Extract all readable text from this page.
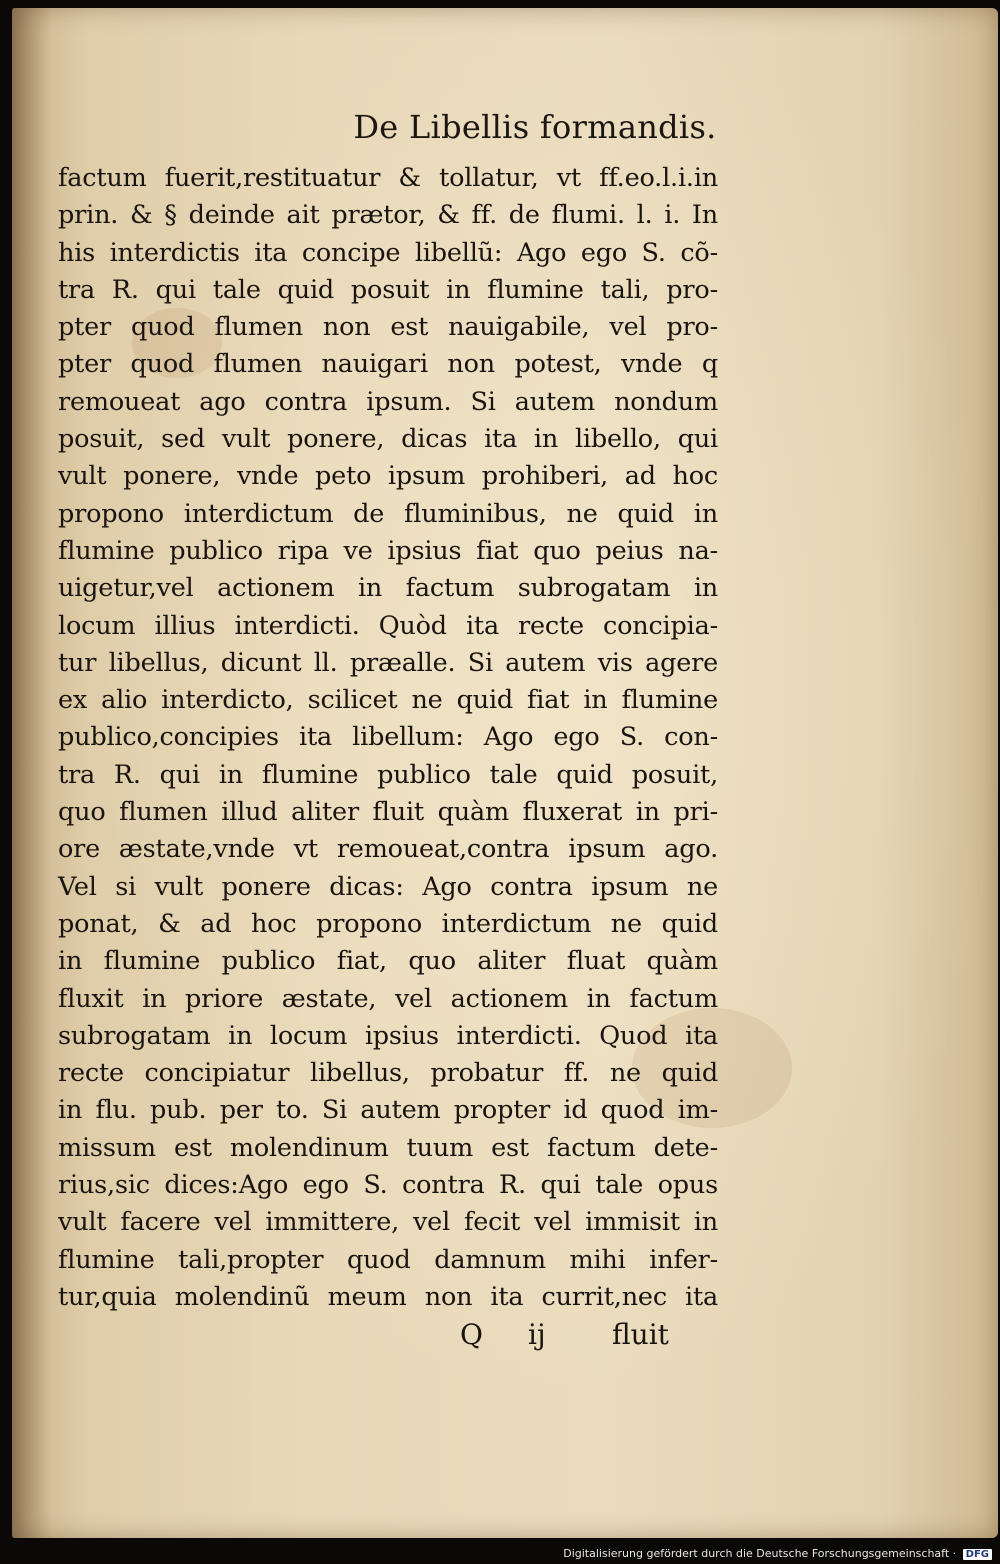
De Libellis formandis.
factum fuerit,restituatur & tollatur, vt ff.eo.l.i.in
prin. & § deinde ait prætor, & ff. de flumi. l. i. In
his interdictis ita concipe libellũ: Ago ego S. cõ-
tra R. qui tale quid posuit in flumine tali, pro-
pter quod flumen non est nauigabile, vel pro-
pter quod flumen nauigari non potest, vnde q
remoueat ago contra ipsum. Si autem nondum
posuit, sed vult ponere, dicas ita in libello, qui
vult ponere, vnde peto ipsum prohiberi, ad hoc
propono interdictum de fluminibus, ne quid in
flumine publico ripa ve ipsius fiat quo peius na-
uigetur,vel actionem in factum subrogatam in
locum illius interdicti. Quòd ita recte concipia-
tur libellus, dicunt ll. præalle. Si autem vis agere
ex alio interdicto, scilicet ne quid fiat in flumine
publico,concipies ita libellum: Ago ego S. con-
tra R. qui in flumine publico tale quid posuit,
quo flumen illud aliter fluit quàm fluxerat in pri-
ore æstate,vnde vt remoueat,contra ipsum ago.
Vel si vult ponere dicas: Ago contra ipsum ne
ponat, & ad hoc propono interdictum ne quid
in flumine publico fiat, quo aliter fluat quàm
fluxit in priore æstate, vel actionem in factum
subrogatam in locum ipsius interdicti. Quod ita
recte concipiatur libellus, probatur ff. ne quid
in flu. pub. per to. Si autem propter id quod im-
missum est molendinum tuum est factum dete-
rius,sic dices:Ago ego S. contra R. qui tale opus
vult facere vel immittere, vel fecit vel immisit in
flumine tali,propter quod damnum mihi infer-
tur,quia molendinũ meum non ita currit,nec ita
Q ij fluit
Digitalisierung gefördert durch die Deutsche Forschungsgemeinschaft · DFG
